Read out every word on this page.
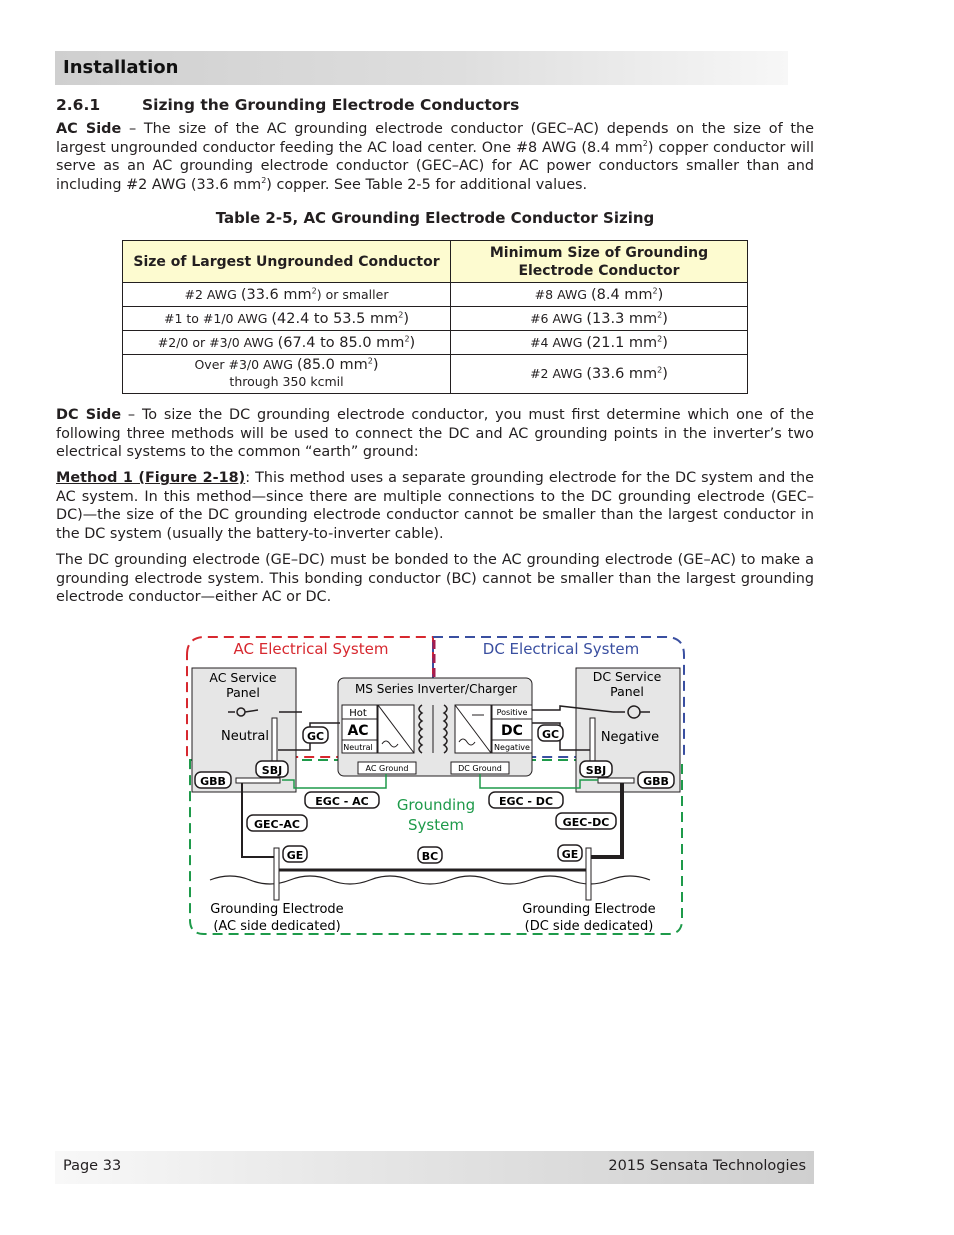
Installation
2.6.1	Sizing the Grounding Electrode Conductors
AC Side – The size of the AC grounding electrode conductor (GEC–AC) depends on the size of the largest ungrounded conductor feeding the AC load center. One #8 AWG (8.4 $mm^2$) copper conductor will serve as an AC grounding electrode conductor (GEC–AC) for AC power conductors smaller than and including #2 AWG (33.6 $mm^2$) copper. See Table 2-5 for additional values.
Table 2-5, AC Grounding Electrode Conductor Sizing
Size of Largest Ungrounded Conductor	Minimum Size of Grounding Electrode Conductor
#2 AWG (33.6 $mm^2$) or smaller	#8 AWG (8.4 $mm^2$)
#1 to #1/0 AWG (42.4 to 53.5 $mm^2$)	#6 AWG (13.3 $mm^2$)
#2/0 or #3/0 AWG (67.4 to 85.0 $mm^2$)	#4 AWG (21.1 $mm^2$)
Over #3/0 AWG (85.0 $mm^2$)
through 350 kcmil	#2 AWG (33.6 $mm^2$)
DC Side – To size the DC grounding electrode conductor, you must first determine which one of the following three methods will be used to connect the DC and AC grounding points in the inverter’s two electrical systems to the common “earth” ground:
Method 1 (Figure 2-18): This method uses a separate grounding electrode for the DC system and the AC system. In this method—since there are multiple connections to the DC grounding electrode (GEC–DC)—the size of the DC grounding electrode conductor cannot be smaller than the largest conductor in the DC system (usually the battery-to-inverter cable).
The DC grounding electrode (GE–DC) must be bonded to the AC grounding electrode (GE–AC) to make a grounding electrode system. This bonding conductor (BC) cannot be smaller than the largest grounding electrode conductor—either AC or DC.
AC Electrical System	DC Electrical System
AC Service
Panel
Neutral
DC Service
Panel
Negative
MS Series Inverter/Charger
Hot
AC
Neutral
Positive
DC
Negative
AC Ground	DC Ground
GC	GC
SBJ	SBJ
GBB	GBB
EGC - AC	EGC - DC
Grounding
System
GEC-AC	GEC-DC
GE	GE
BC
Grounding Electrode
(AC side dedicated)
Grounding Electrode
(DC side dedicated)
Page 33	2015 Sensata Technologies
